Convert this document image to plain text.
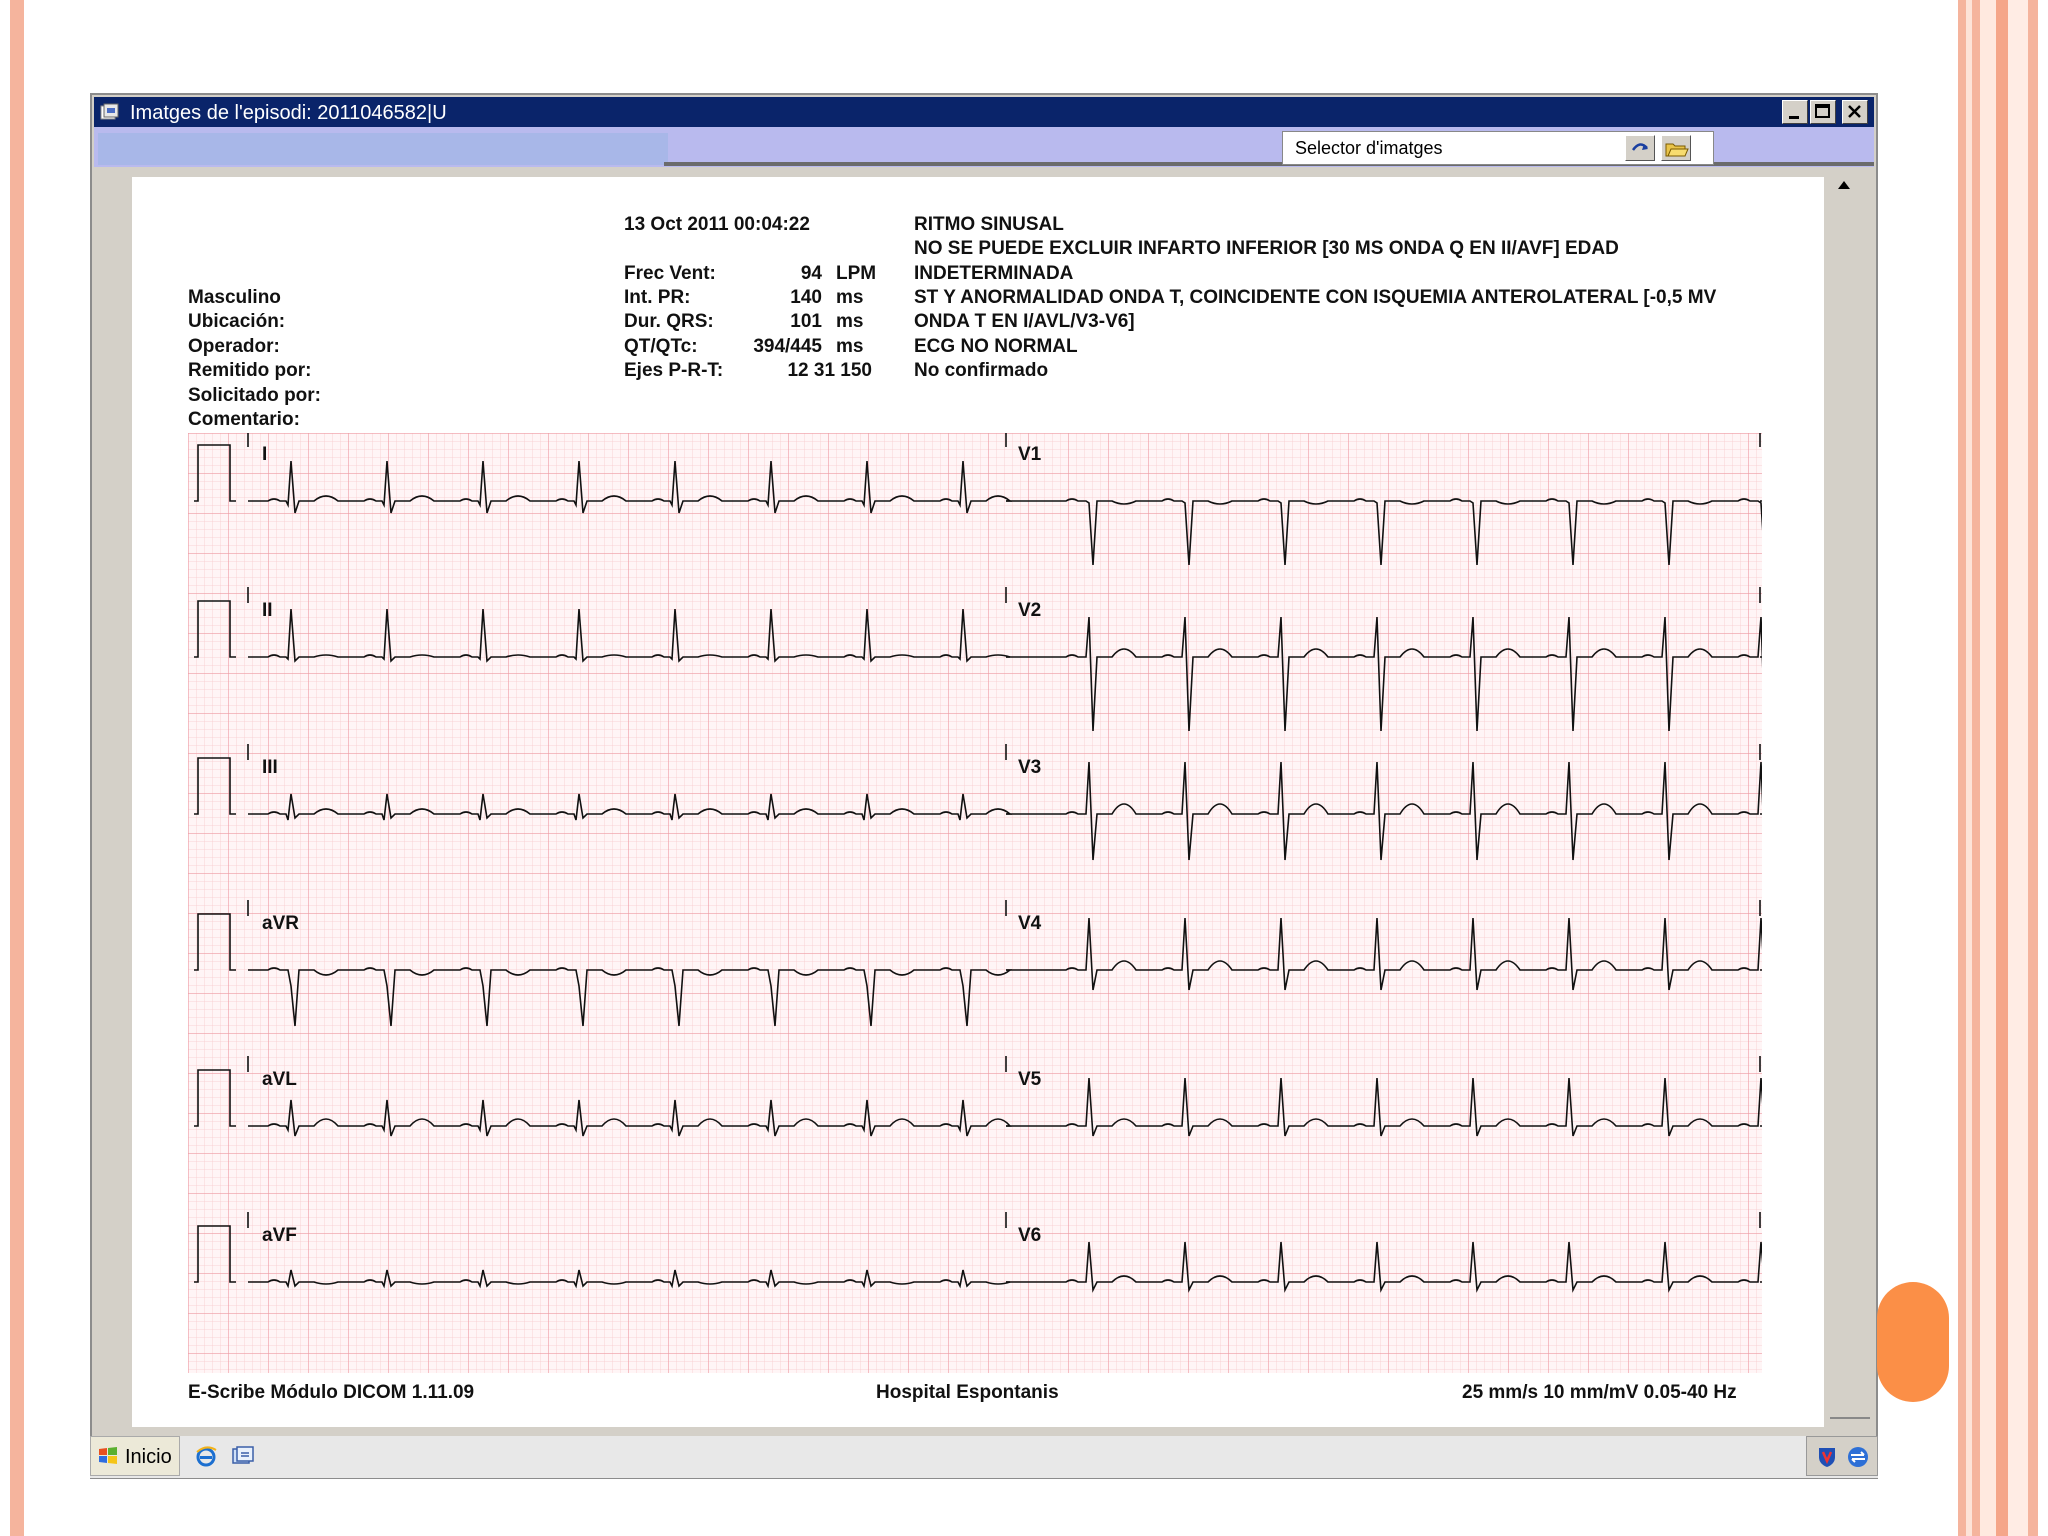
Imatges de l'episodi: 2011046582|U
Selector d'imatges
13 Oct 2011 00:04:22
Masculino
Ubicación:
Operador:
Remitido por:
Solicitado por:
Comentario:
Frec Vent:	94 LPM
Int. PR:	140 ms
Dur. QRS:	101 ms
QT/QTc:	394/445 ms
Ejes P-R-T:	12 31 150
RITMO SINUSAL
NO SE PUEDE EXCLUIR INFARTO INFERIOR [30 MS ONDA Q EN II/AVF] EDAD
INDETERMINADA
ST Y ANORMALIDAD ONDA T, COINCIDENTE CON ISQUEMIA ANTEROLATERAL [-0,5 MV
ONDA T EN I/AVL/V3-V6]
ECG NO NORMAL
No confirmado
I
II
III
aVR
aVL
aVF
V1
V2
V3
V4
V5
V6
E-Scribe Módulo DICOM 1.11.09	Hospital Espontanis	25 mm/s 10 mm/mV 0.05-40 Hz
Inicio
